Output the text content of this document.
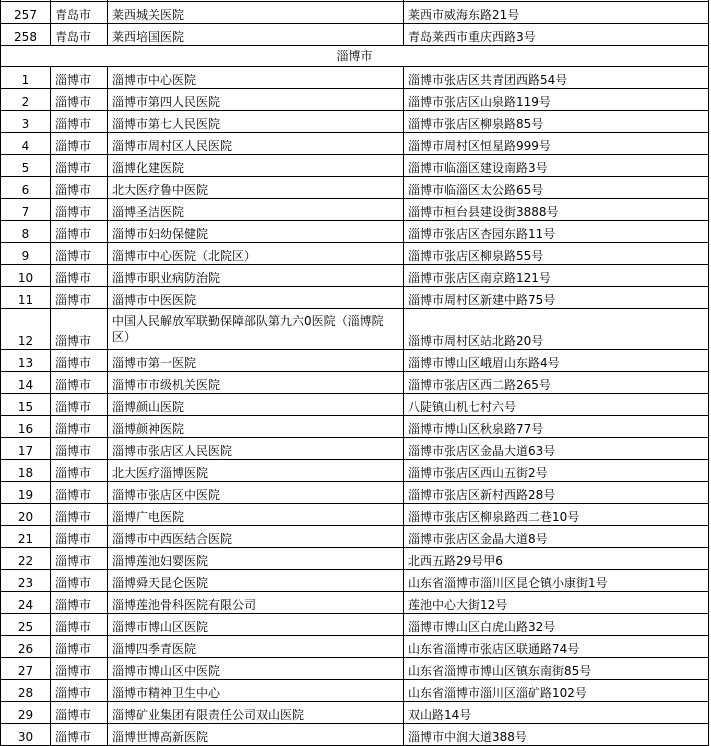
257	青岛市	莱西城关医院	莱西市威海东路21号
258	青岛市	莱西培国医院	青岛莱西市重庆西路3号
淄博市			
1	淄博市	淄博市中心医院	淄博市张店区共青团西路54号
2	淄博市	淄博市第四人民医院	淄博市张店区山泉路119号
3	淄博市	淄博市第七人民医院	淄博市张店区柳泉路85号
4	淄博市	淄博市周村区人民医院	淄博市周村区恒星路999号
5	淄博市	淄博化建医院	淄博市临淄区建设南路3号
6	淄博市	北大医疗鲁中医院	淄博市临淄区太公路65号
7	淄博市	淄博圣洁医院	淄博市桓台县建设街3888号
8	淄博市	淄博市妇幼保健院	淄博市张店区杏园东路11号
9	淄博市	淄博市中心医院（北院区）	淄博市张店区柳泉路55号
10	淄博市	淄博市职业病防治院	淄博市张店区南京路121号
11	淄博市	淄博市中医医院	淄博市周村区新建中路75号
12	淄博市	中国人民解放军联勤保障部队第九六0医院（淄博院区）	淄博市周村区站北路20号
13	淄博市	淄博市第一医院	淄博市博山区峨眉山东路4号
14	淄博市	淄博市市级机关医院	淄博市张店区西二路265号
15	淄博市	淄博颜山医院	八陡镇山机七村六号
16	淄博市	淄博颜神医院	淄博市博山区秋泉路77号
17	淄博市	淄博市张店区人民医院	淄博市张店区金晶大道63号
18	淄博市	北大医疗淄博医院	淄博市张店区西山五街2号
19	淄博市	淄博市张店区中医院	淄博市张店区新村西路28号
20	淄博市	淄博广电医院	淄博市张店区柳泉路西二巷10号
21	淄博市	淄博市中西医结合医院	淄博市张店区金晶大道8号
22	淄博市	淄博莲池妇婴医院	北西五路29号甲6
23	淄博市	淄博舜天昆仑医院	山东省淄博市淄川区昆仑镇小康街1号
24	淄博市	淄博莲池骨科医院有限公司	莲池中心大街12号
25	淄博市	淄博市博山区医院	淄博市博山区白虎山路32号
26	淄博市	淄博四季青医院	山东省淄博市张店区联通路74号
27	淄博市	淄博市博山区中医院	山东省淄博市博山区镇东南街85号
28	淄博市	淄博市精神卫生中心	山东省淄博市淄川区淄矿路102号
29	淄博市	淄博矿业集团有限责任公司双山医院	双山路14号
30	淄博市	淄博世博高新医院	淄博市中润大道388号
